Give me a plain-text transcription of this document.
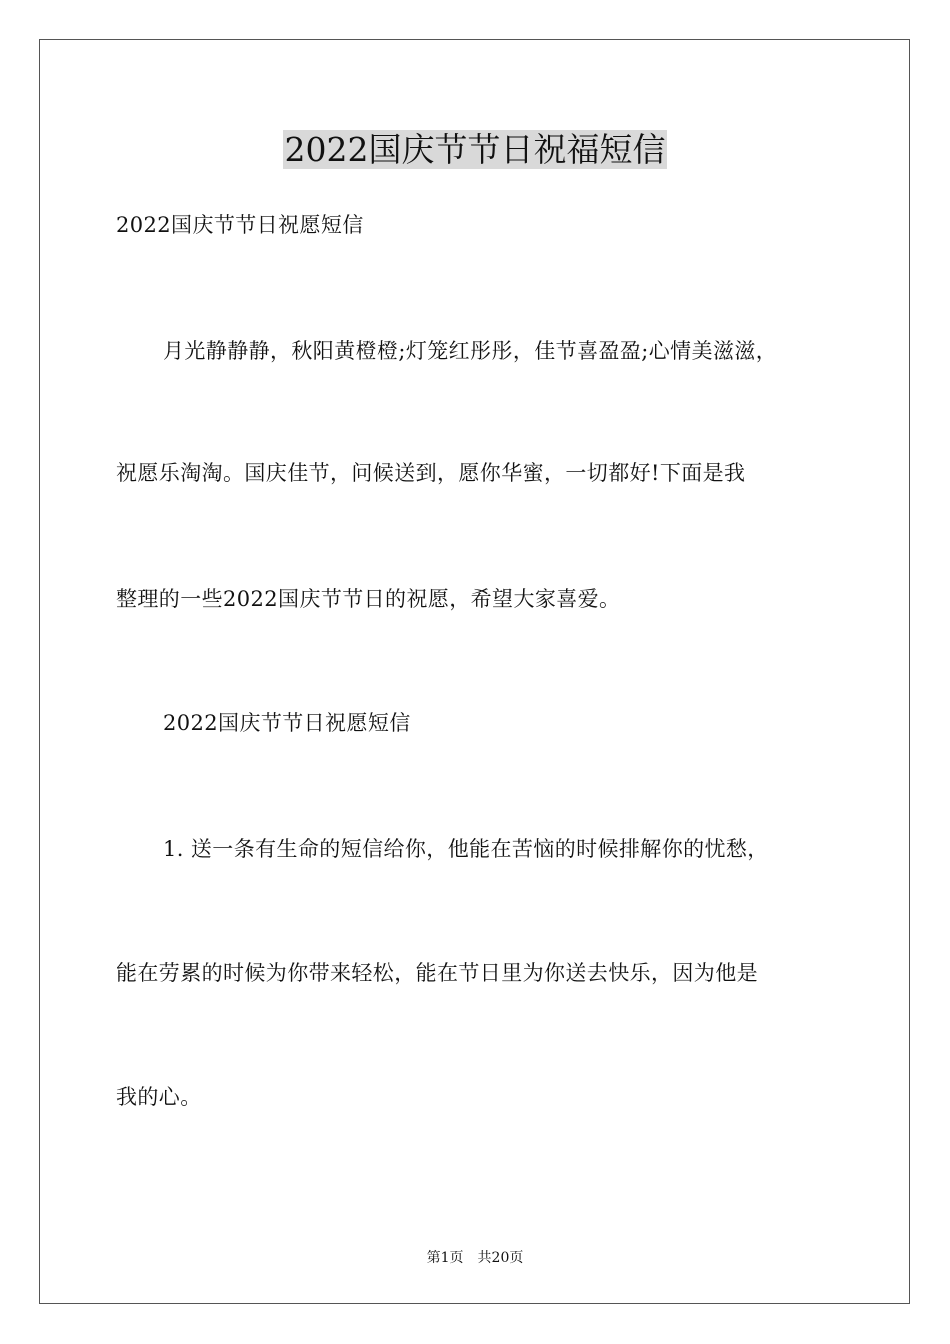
2022国庆节节日祝福短信

2022国庆节节日祝愿短信

月光静静静，秋阳黄橙橙;灯笼红彤彤，佳节喜盈盈;心情美滋滋，

祝愿乐淘淘。国庆佳节，问候送到，愿你华蜜，一切都好!下面是我

整理的一些2022国庆节节日的祝愿，希望大家喜爱。

2022国庆节节日祝愿短信

1. 送一条有生命的短信给你，他能在苦恼的时候排解你的忧愁，

能在劳累的时候为你带来轻松，能在节日里为你送去快乐，因为他是

我的心。

第1页　共20页
